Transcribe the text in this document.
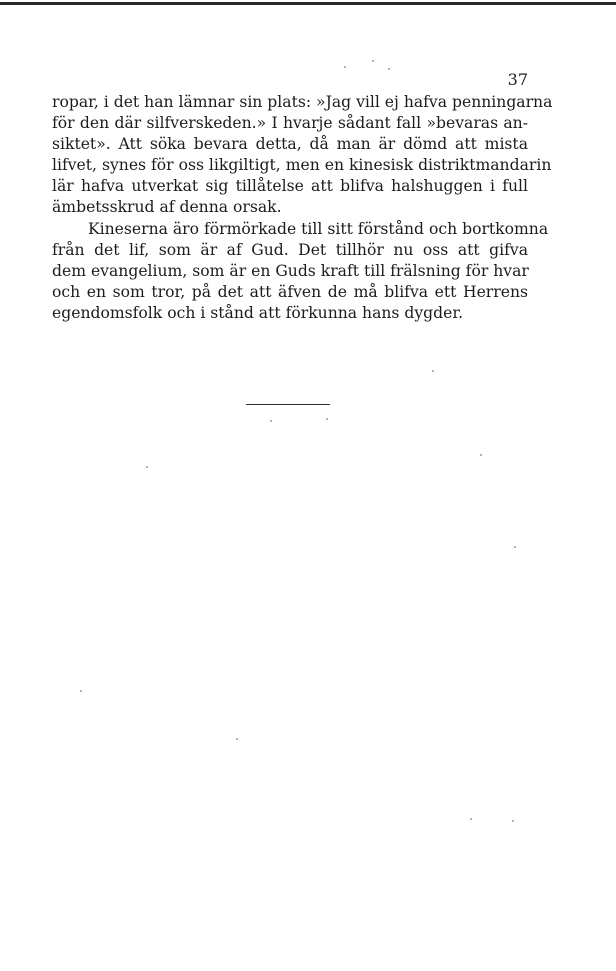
37
ropar, i det han lämnar sin plats: »Jag vill ej hafva penningarna
för den där silfverskeden.» I hvarje sådant fall »bevaras an-
siktet». Att söka bevara detta, då man är dömd att mista
lifvet, synes för oss likgiltigt, men en kinesisk distriktmandarin
lär hafva utverkat sig tillåtelse att blifva halshuggen i full
ämbetsskrud af denna orsak.
Kineserna äro förmörkade till sitt förstånd och bortkomna
från det lif, som är af Gud. Det tillhör nu oss att gifva
dem evangelium, som är en Guds kraft till frälsning för hvar
och en som tror, på det att äfven de må blifva ett Herrens
egendomsfolk och i stånd att förkunna hans dygder.
